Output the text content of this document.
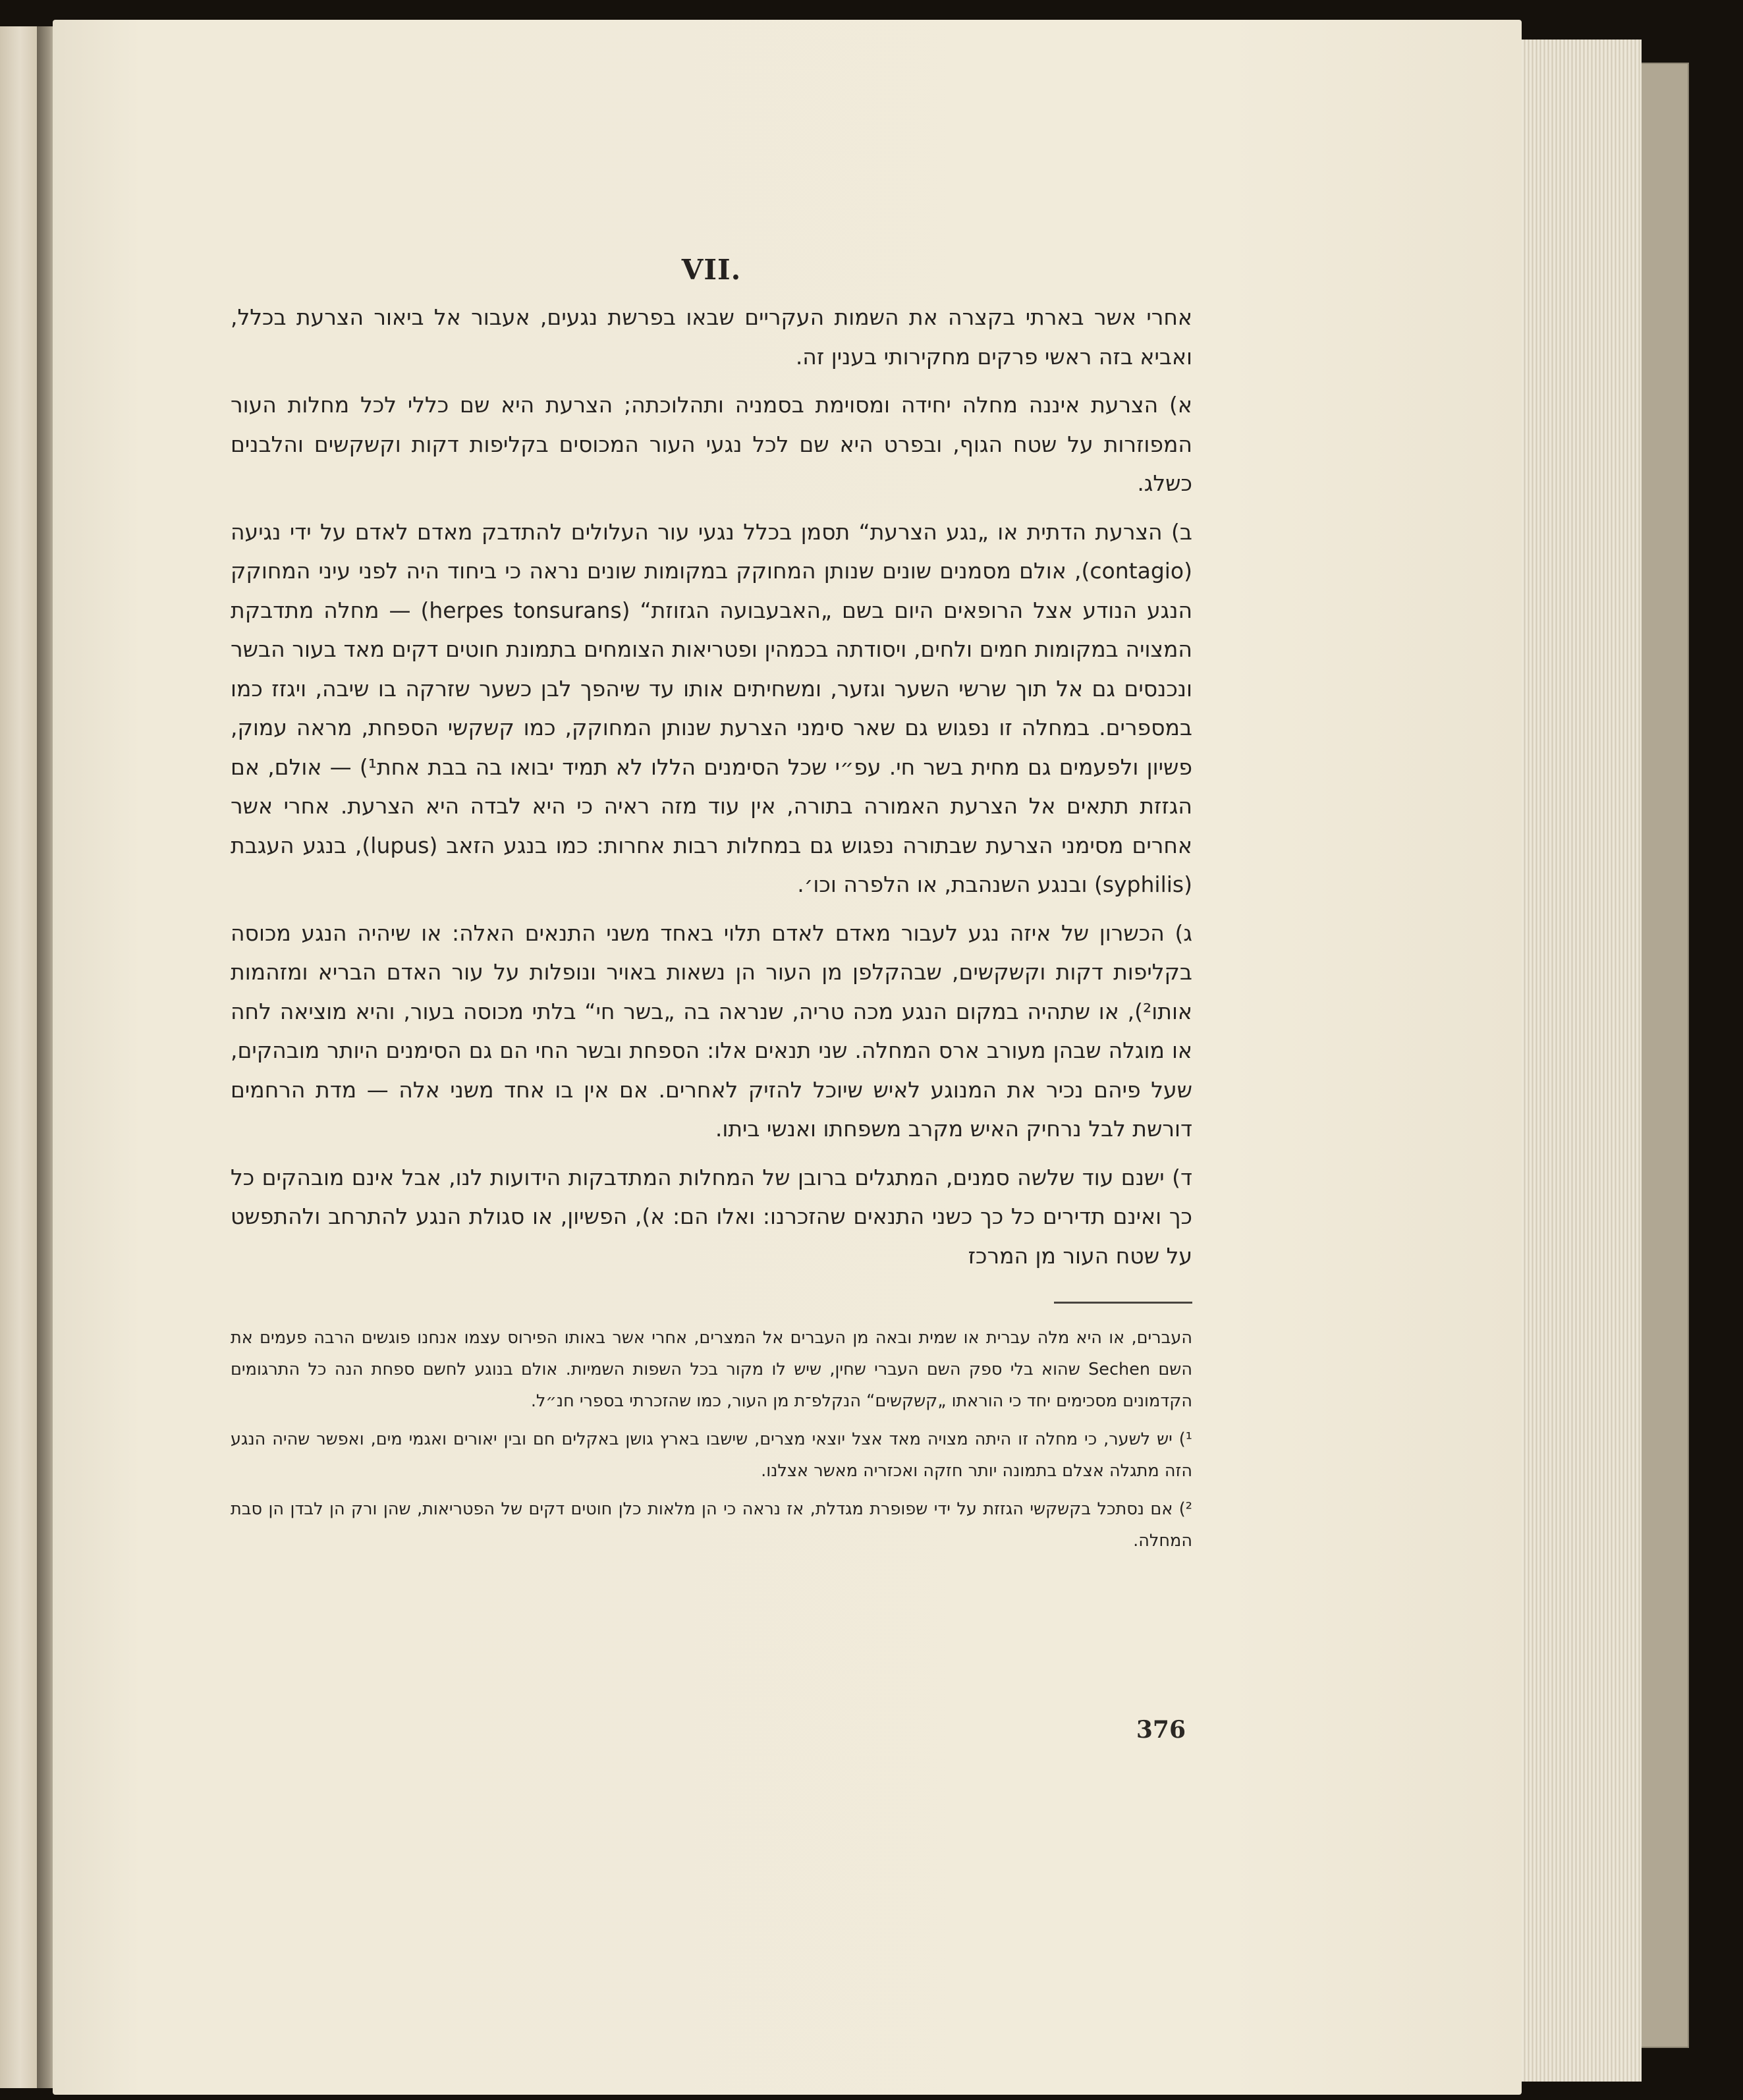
VII.

אחרי אשר בארתי בקצרה את השמות העקריים שבאו בפרשת נגעים, אעבור אל ביאור הצרעת בכלל, ואביא בזה ראשי פרקים מחקירותי בענין זה.

א) הצרעת איננה מחלה יחידה ומסוימת בסמניה ותהלוכתה; הצרעת היא שם כללי לכל מחלות העור המפוזרות על שטח הגוף, ובפרט היא שם לכל נגעי העור המכוסים בקליפות דקות וקשקשים והלבנים כשלג.

ב) הצרעת הדתית או „נגע הצרעת“ תסמן בכלל נגעי עור העלולים להתדבק מאדם לאדם על ידי נגיעה (contagio), אולם מסמנים שונים שנותן המחוקק במקומות שונים נראה כי ביחוד היה לפני עיני המחוקק הנגע הנודע אצל הרופאים היום בשם „האבעבועה הגזוזת“ (herpes tonsurans) — מחלה מתדבקת המצויה במקומות חמים ולחים, ויסודתה בכמהין ופטריאות הצומחים בתמונת חוטים דקים מאד בעור הבשר ונכנסים גם אל תוך שרשי השער וגזער, ומשחיתים אותו עד שיהפך לבן כשער שזרקה בו שיבה, ויגזז כמו במספרים. במחלה זו נפגוש גם שאר סימני הצרעת שנותן המחוקק, כמו קשקשי הספחת, מראה עמוק, פשיון ולפעמים גם מחית בשר חי. עפ״י שכל הסימנים הללו לא תמיד יבואו בה בבת אחת¹) — אולם, אם הגזזת תתאים אל הצרעת האמורה בתורה, אין עוד מזה ראיה כי היא לבדה היא הצרעת. אחרי אשר אחרים מסימני הצרעת שבתורה נפגוש גם במחלות רבות אחרות: כמו בנגע הזאב (lupus), בנגע העגבת (syphilis) ובנגע השנהבת, או הלפרה וכו׳.

ג) הכשרון של איזה נגע לעבור מאדם לאדם תלוי באחד משני התנאים האלה: או שיהיה הנגע מכוסה בקליפות דקות וקשקשים, שבהקלפן מן העור הן נשאות באויר ונופלות על עור האדם הבריא ומזהמות אותו²), או שתהיה במקום הנגע מכה טריה, שנראה בה „בשר חי“ בלתי מכוסה בעור, והיא מוציאה לחה או מוגלה שבהן מעורב ארס המחלה. שני תנאים אלו: הספחת ובשר החי הם גם הסימנים היותר מובהקים, שעל פיהם נכיר את המנוגע לאיש שיוכל להזיק לאחרים. אם אין בו אחד משני אלה — מדת הרחמים דורשת לבל נרחיק האיש מקרב משפחתו ואנשי ביתו.

ד) ישנם עוד שלשה סמנים, המתגלים ברובן של המחלות המתדבקות הידועות לנו, אבל אינם מובהקים כל כך ואינם תדירים כל כך כשני התנאים שהזכרנו: ואלו הם: א), הפשיון, או סגולת הנגע להתרחב ולהתפשט על שטח העור מן המרכז

העברים, או היא מלה עברית או שמית ובאה מן העברים אל המצרים, אחרי אשר באותו הפירוס עצמו אנחנו פוגשים הרבה פעמים את השם Sechen שהוא בלי ספק השם העברי שחין, שיש לו מקור בכל השפות השמיות. אולם בנוגע לחשם ספחת הנה כל התרגומים הקדמונים מסכימים יחד כי הוראתו „קשקשים“ הנקלפ־ת מן העור, כמו שהזכרתי בספרי חנ״ל.

¹) יש לשער, כי מחלה זו היתה מצויה מאד אצל יוצאי מצרים, שישבו בארץ גושן באקלים חם ובין יאורים ואגמי מים, ואפשר שהיה הנגע הזה מתגלה אצלם בתמונה יותר חזקה ואכזריה מאשר אצלנו.

²) אם נסתכל בקשקשי הגזזת על ידי שפופרת מגדלת, אז נראה כי הן מלאות כלן חוטים דקים של הפטריאות, שהן ורק הן לבדן הן סבת המחלה.

376
